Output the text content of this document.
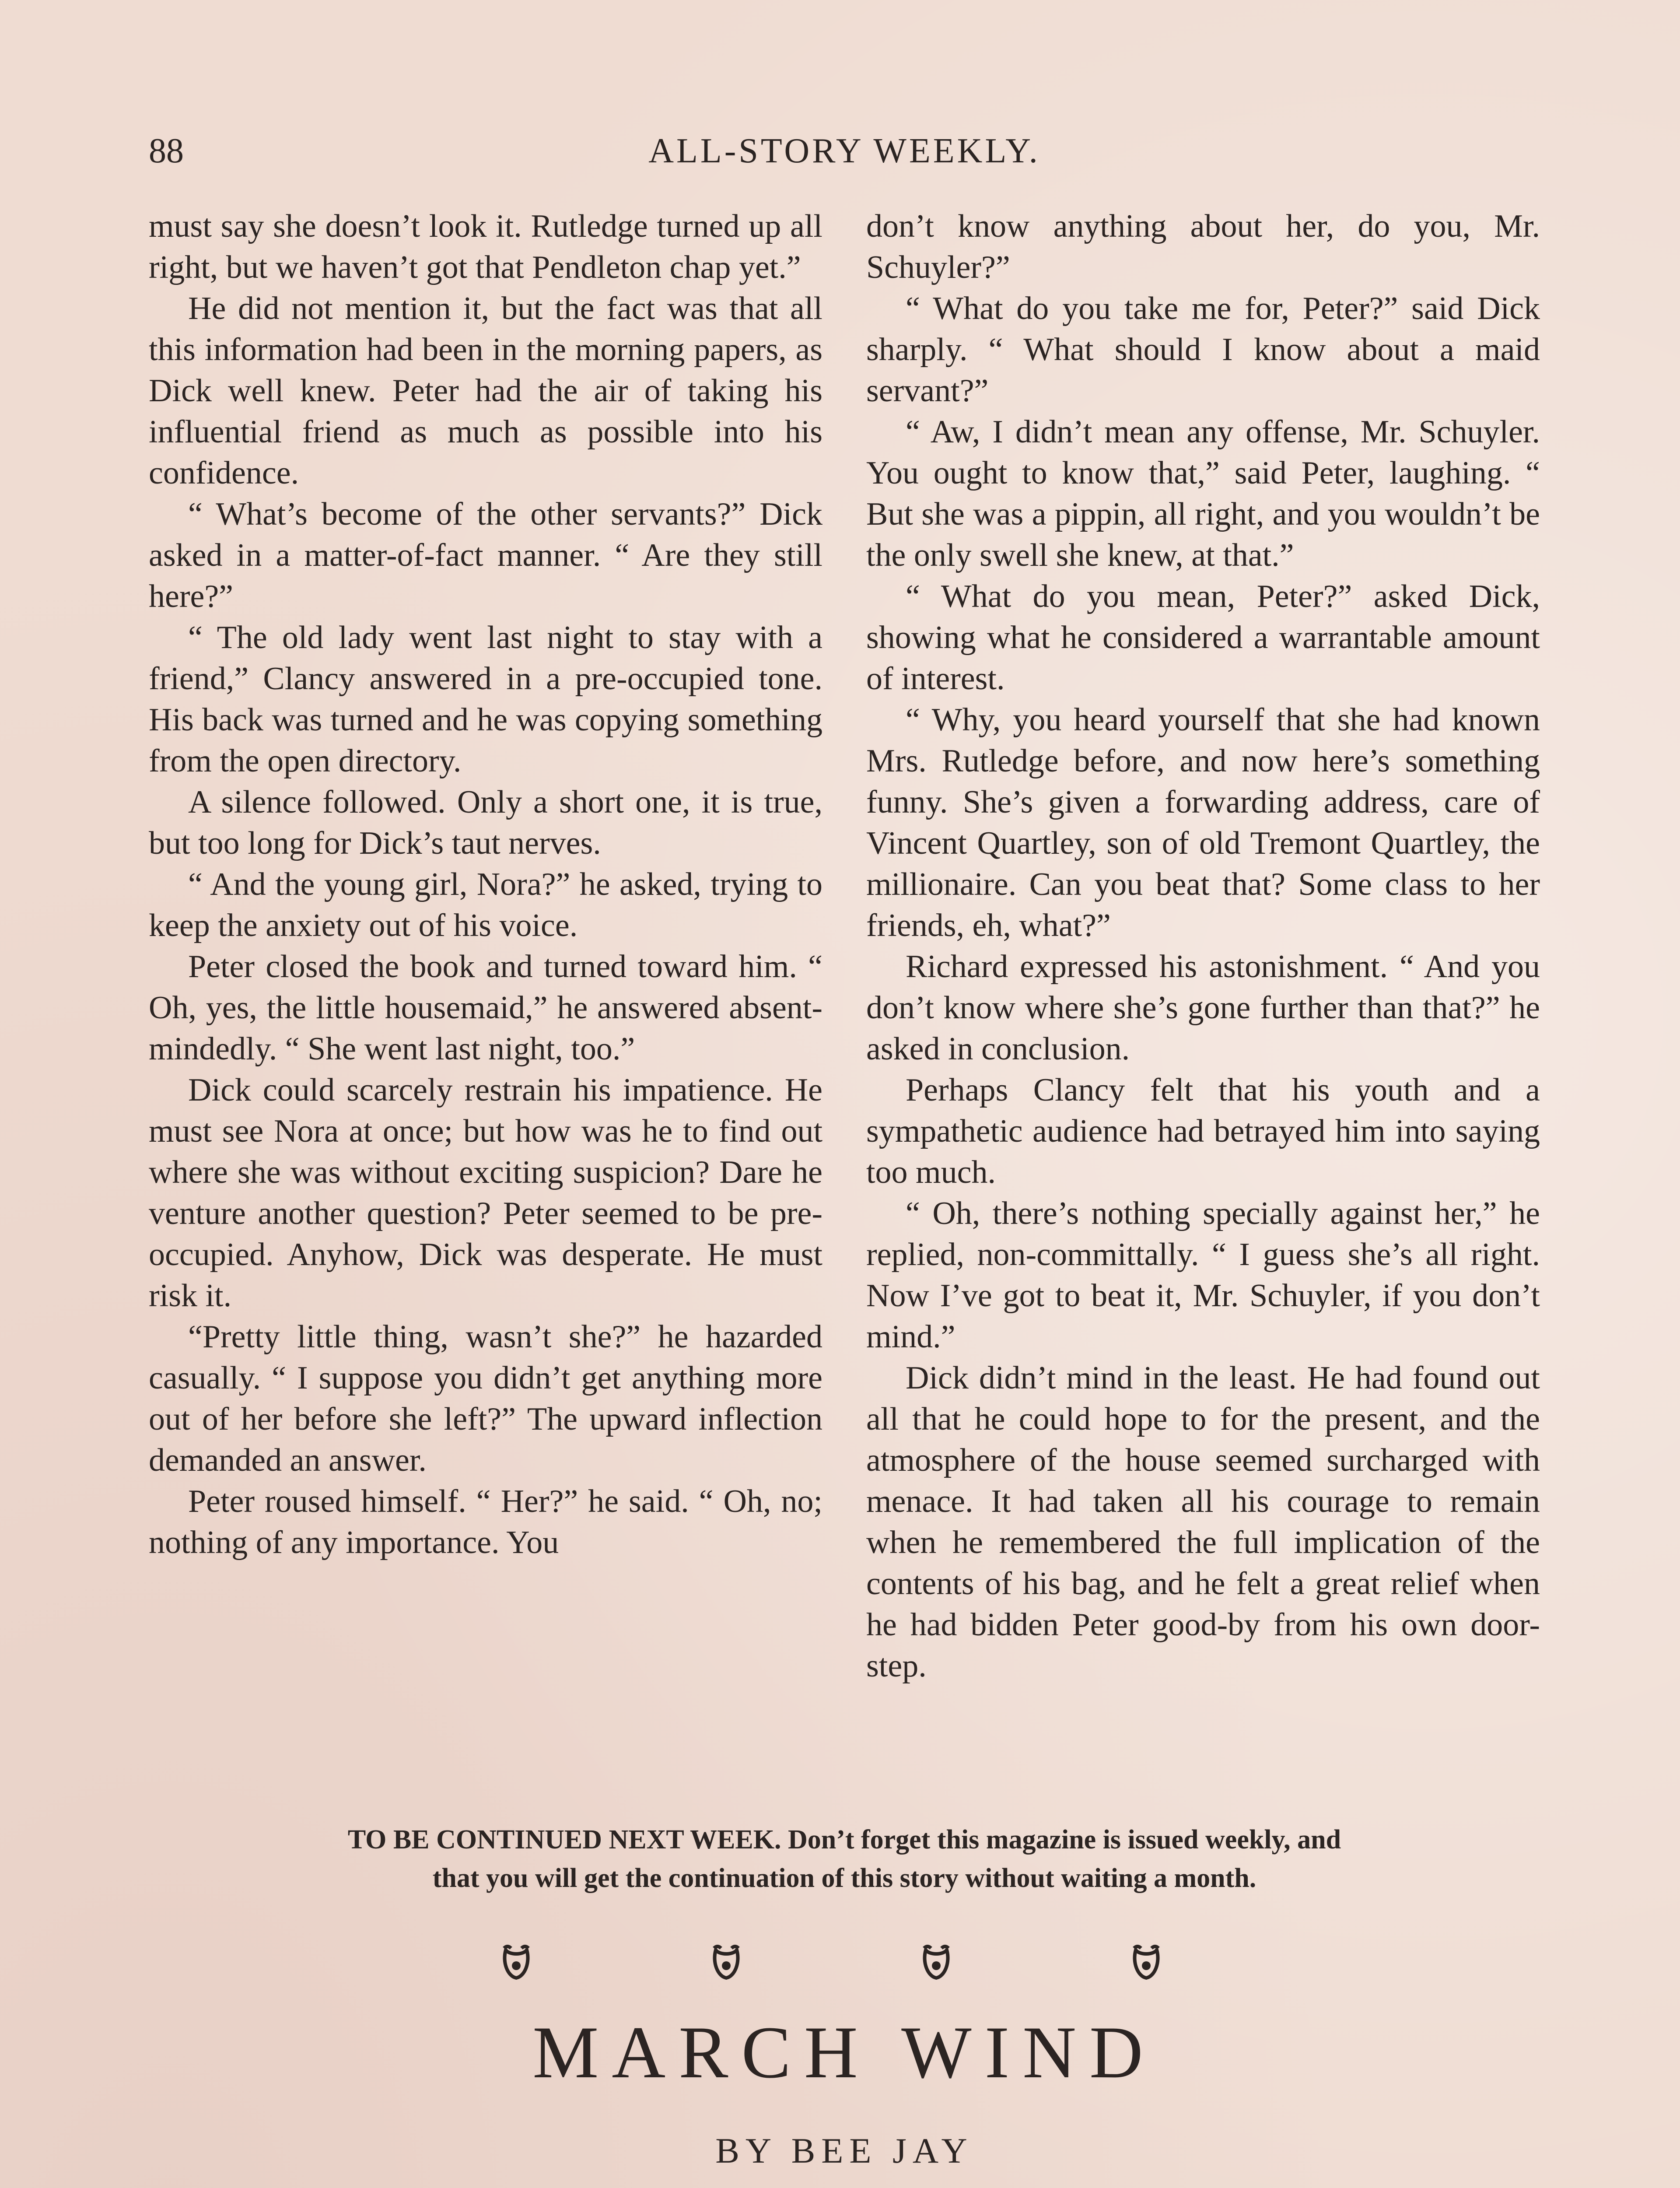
88	ALL-STORY WEEKLY.

must say she doesn’t look it. Rutledge turned up all right, but we haven’t got that Pendleton chap yet.”

He did not mention it, but the fact was that all this information had been in the morning papers, as Dick well knew. Peter had the air of taking his influential friend as much as possible into his confidence.

“ What’s become of the other servants?” Dick asked in a matter-of-fact manner. “ Are they still here?”

“ The old lady went last night to stay with a friend,” Clancy answered in a pre-occupied tone. His back was turned and he was copying something from the open directory.

A silence followed. Only a short one, it is true, but too long for Dick’s taut nerves.

“ And the young girl, Nora?” he asked, trying to keep the anxiety out of his voice.

Peter closed the book and turned toward him. “ Oh, yes, the little housemaid,” he answered absent-mindedly. “ She went last night, too.”

Dick could scarcely restrain his impatience. He must see Nora at once; but how was he to find out where she was without exciting suspicion? Dare he venture another question? Peter seemed to be pre-occupied. Anyhow, Dick was desperate. He must risk it.

“Pretty little thing, wasn’t she?” he hazarded casually. “ I suppose you didn’t get anything more out of her before she left?” The upward inflection demanded an answer.

Peter roused himself. “ Her?” he said. “ Oh, no; nothing of any importance. You

don’t know anything about her, do you, Mr. Schuyler?”

“ What do you take me for, Peter?” said Dick sharply. “ What should I know about a maid servant?”

“ Aw, I didn’t mean any offense, Mr. Schuyler. You ought to know that,” said Peter, laughing. “ But she was a pippin, all right, and you wouldn’t be the only swell she knew, at that.”

“ What do you mean, Peter?” asked Dick, showing what he considered a warrantable amount of interest.

“ Why, you heard yourself that she had known Mrs. Rutledge before, and now here’s something funny. She’s given a forwarding address, care of Vincent Quartley, son of old Tremont Quartley, the millionaire. Can you beat that? Some class to her friends, eh, what?”

Richard expressed his astonishment. “ And you don’t know where she’s gone further than that?” he asked in conclusion.

Perhaps Clancy felt that his youth and a sympathetic audience had betrayed him into saying too much.

“ Oh, there’s nothing specially against her,” he replied, non-committally. “ I guess she’s all right. Now I’ve got to beat it, Mr. Schuyler, if you don’t mind.”

Dick didn’t mind in the least. He had found out all that he could hope to for the present, and the atmosphere of the house seemed surcharged with menace. It had taken all his courage to remain when he remembered the full implication of the contents of his bag, and he felt a great relief when he had bidden Peter good-by from his own door-step.

TO BE CONTINUED NEXT WEEK. Don’t forget this magazine is issued weekly, and
that you will get the continuation of this story without waiting a month.
MARCH WIND
BY BEE JAY
